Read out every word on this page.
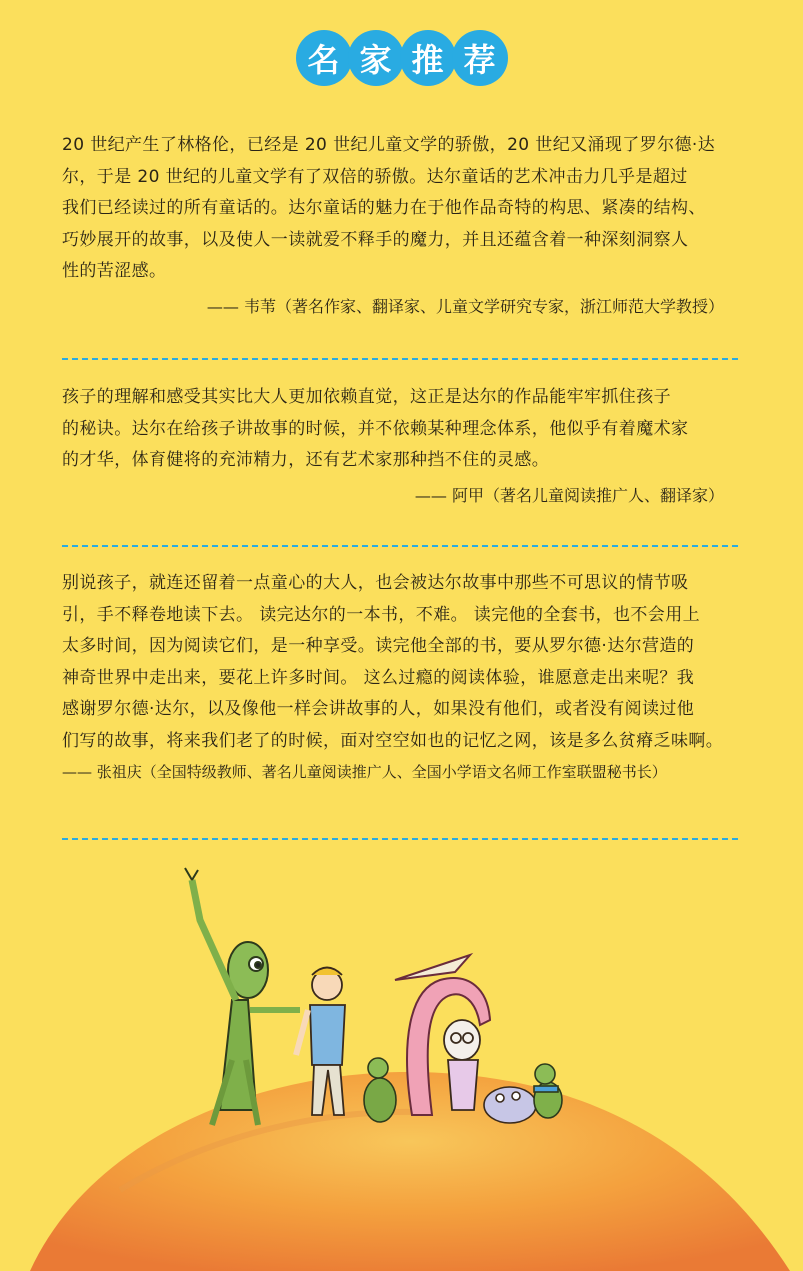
名 家 推 荐

20 世纪产生了林格伦，已经是 20 世纪儿童文学的骄傲，20 世纪又涌现了罗尔德·达
尔，于是 20 世纪的儿童文学有了双倍的骄傲。达尔童话的艺术冲击力几乎是超过
我们已经读过的所有童话的。达尔童话的魅力在于他作品奇特的构思、紧凑的结构、
巧妙展开的故事，以及使人一读就爱不释手的魔力，并且还蕴含着一种深刻洞察人
性的苦涩感。

—— 韦苇（著名作家、翻译家、儿童文学研究专家，浙江师范大学教授）

孩子的理解和感受其实比大人更加依赖直觉，这正是达尔的作品能牢牢抓住孩子
的秘诀。达尔在给孩子讲故事的时候，并不依赖某种理念体系，他似乎有着魔术家
的才华，体育健将的充沛精力，还有艺术家那种挡不住的灵感。

—— 阿甲（著名儿童阅读推广人、翻译家）

别说孩子，就连还留着一点童心的大人，也会被达尔故事中那些不可思议的情节吸
引，手不释卷地读下去。 读完达尔的一本书，不难。 读完他的全套书，也不会用上
太多时间，因为阅读它们，是一种享受。读完他全部的书，要从罗尔德·达尔营造的
神奇世界中走出来，要花上许多时间。 这么过瘾的阅读体验，谁愿意走出来呢？我
感谢罗尔德·达尔，以及像他一样会讲故事的人，如果没有他们，或者没有阅读过他
们写的故事，将来我们老了的时候，面对空空如也的记忆之网，该是多么贫瘠乏味啊。

—— 张祖庆（全国特级教师、著名儿童阅读推广人、全国小学语文名师工作室联盟秘书长）
